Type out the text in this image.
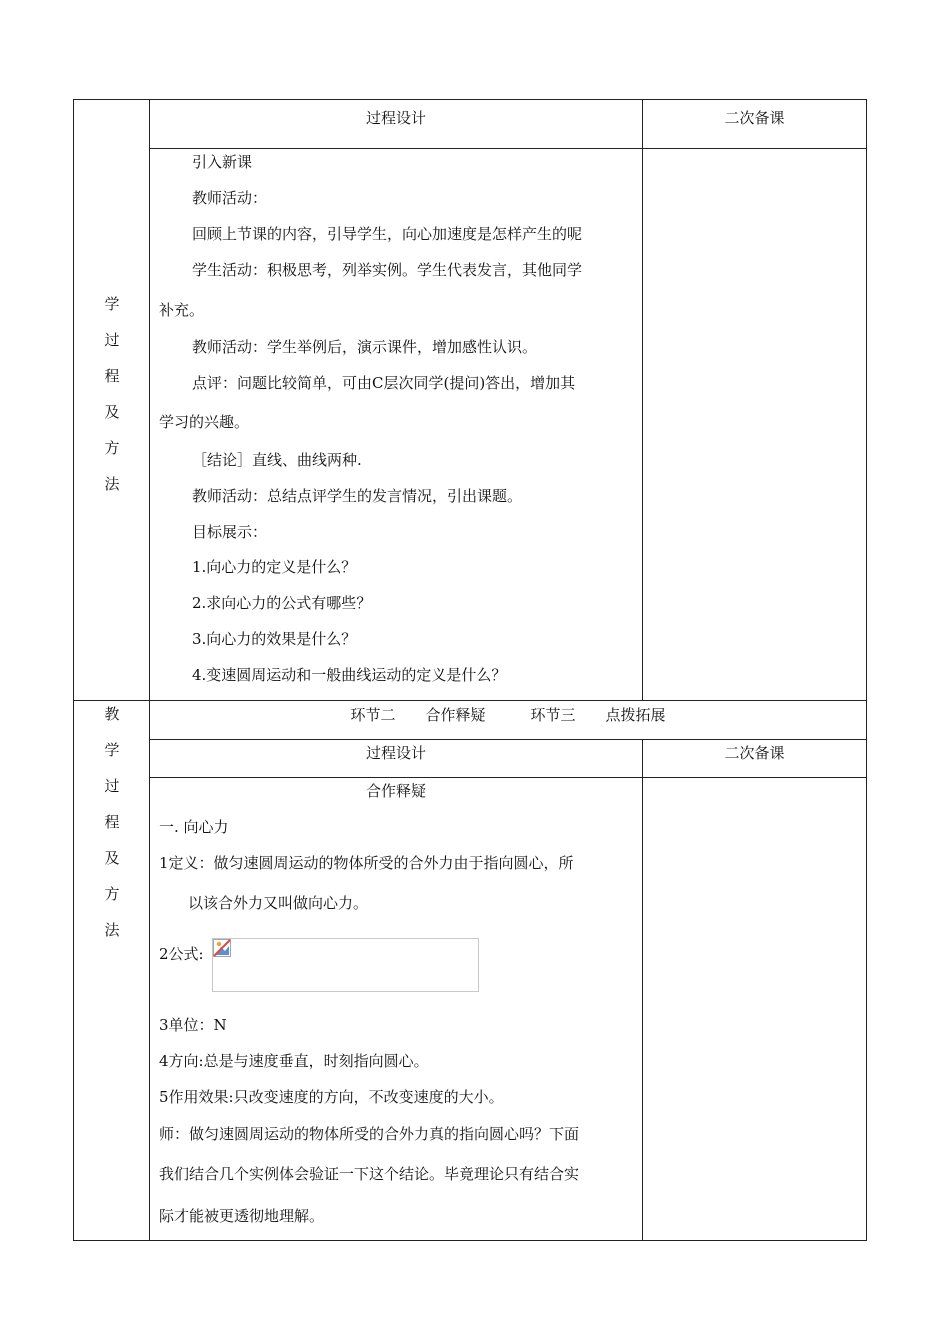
学
过
程
及
方
法
过程设计	二次备课
引入新课
教师活动：
回顾上节课的内容，引导学生，向心加速度是怎样产生的呢
学生活动：积极思考，列举实例。学生代表发言，其他同学
补充。
教师活动：学生举例后，演示课件，增加感性认识。
点评：问题比较简单，可由C层次同学(提问)答出，增加其
学习的兴趣。
［结论］直线、曲线两种.
教师活动：总结点评学生的发言情况，引出课题。
目标展示：
1.向心力的定义是什么？
2.求向心力的公式有哪些？
3.向心力的效果是什么？
4.变速圆周运动和一般曲线运动的定义是什么？
教
学
过
程
及
方
法
环节二　　合作释疑　　　环节三　　点拨拓展
过程设计	二次备课
合作释疑
一. 向心力
1定义：做匀速圆周运动的物体所受的合外力由于指向圆心，所
以该合外力又叫做向心力。
2公式:
3单位：N
4方向:总是与速度垂直，时刻指向圆心。
5作用效果:只改变速度的方向，不改变速度的大小。
师：做匀速圆周运动的物体所受的合外力真的指向圆心吗？下面
我们结合几个实例体会验证一下这个结论。毕竟理论只有结合实
际才能被更透彻地理解。
